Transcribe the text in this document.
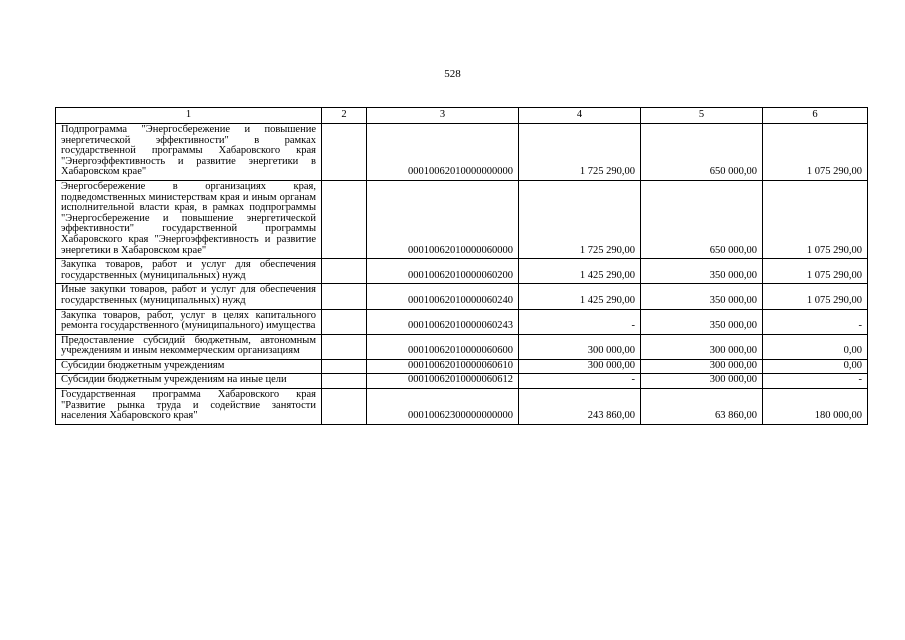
528
1	2	3	4	5	6
Подпрограмма "Энергосбережение и повышение энергетической эффективности" в рамках государственной программы Хабаровского края "Энергоэффективность и развитие энергетики в Хабаровском крае"		00010062010000000000	1 725 290,00	650 000,00	1 075 290,00
Энергосбережение в организациях края, подведомственных министерствам края и иным органам исполнительной власти края, в рамках подпрограммы "Энергосбережение и повышение энергетической эффективности" государственной программы Хабаровского края "Энергоэффективность и развитие энергетики в Хабаровском крае"		00010062010000060000	1 725 290,00	650 000,00	1 075 290,00
Закупка товаров, работ и услуг для обеспечения государственных (муниципальных) нужд		00010062010000060200	1 425 290,00	350 000,00	1 075 290,00
Иные закупки товаров, работ и услуг для обеспечения государственных (муниципальных) нужд		00010062010000060240	1 425 290,00	350 000,00	1 075 290,00
Закупка товаров, работ, услуг в целях капитального ремонта государственного (муниципального) имущества		00010062010000060243	-	350 000,00	-
Предоставление субсидий бюджетным, автономным учреждениям и иным некоммерческим организациям		00010062010000060600	300 000,00	300 000,00	0,00
Субсидии бюджетным учреждениям		00010062010000060610	300 000,00	300 000,00	0,00
Субсидии бюджетным учреждениям на иные цели		00010062010000060612	-	300 000,00	-
Государственная программа Хабаровского края "Развитие рынка труда и содействие занятости населения Хабаровского края"		00010062300000000000	243 860,00	63 860,00	180 000,00
